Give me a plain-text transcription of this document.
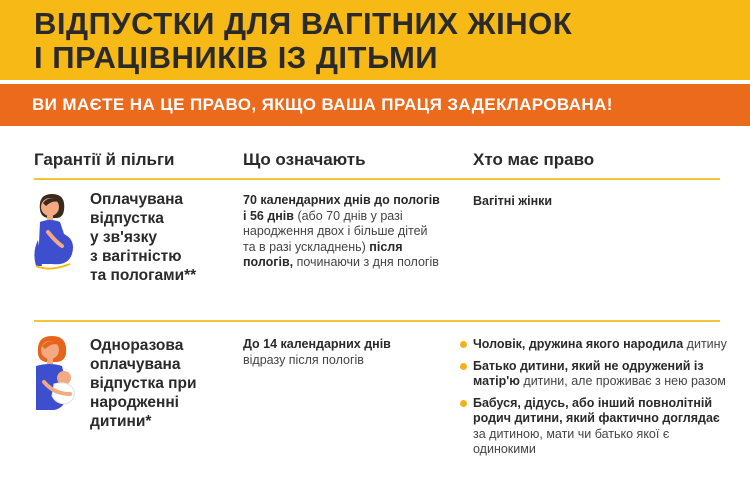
ВІДПУСТКИ ДЛЯ ВАГІТНИХ ЖІНОК
І ПРАЦІВНИКІВ ІЗ ДІТЬМИ
ВИ МАЄТЕ НА ЦЕ ПРАВО, ЯКЩО ВАША ПРАЦЯ ЗАДЕКЛАРОВАНА!
Гарантії й пільги	Що означають	Хто має право
Оплачувана
відпустка
у зв'язку
з вагітністю
та пологами**
70 календарних днів до пологів і 56 днів (або 70 днів у разі народження двох і більше дітей та в разі ускладнень) після пологів, починаючи з дня пологів
Вагітні жінки
Одноразова
оплачувана
відпустка при
народженні
дитини*
До 14 календарних днів відразу після пологів
Чоловік, дружина якого народила дитину
Батько дитини, який не одружений із матір'ю дитини, але проживає з нею разом
Бабуся, дідусь, або інший повнолітній родич дитини, який фактично доглядає за дитиною, мати чи батько якої є одинокими
